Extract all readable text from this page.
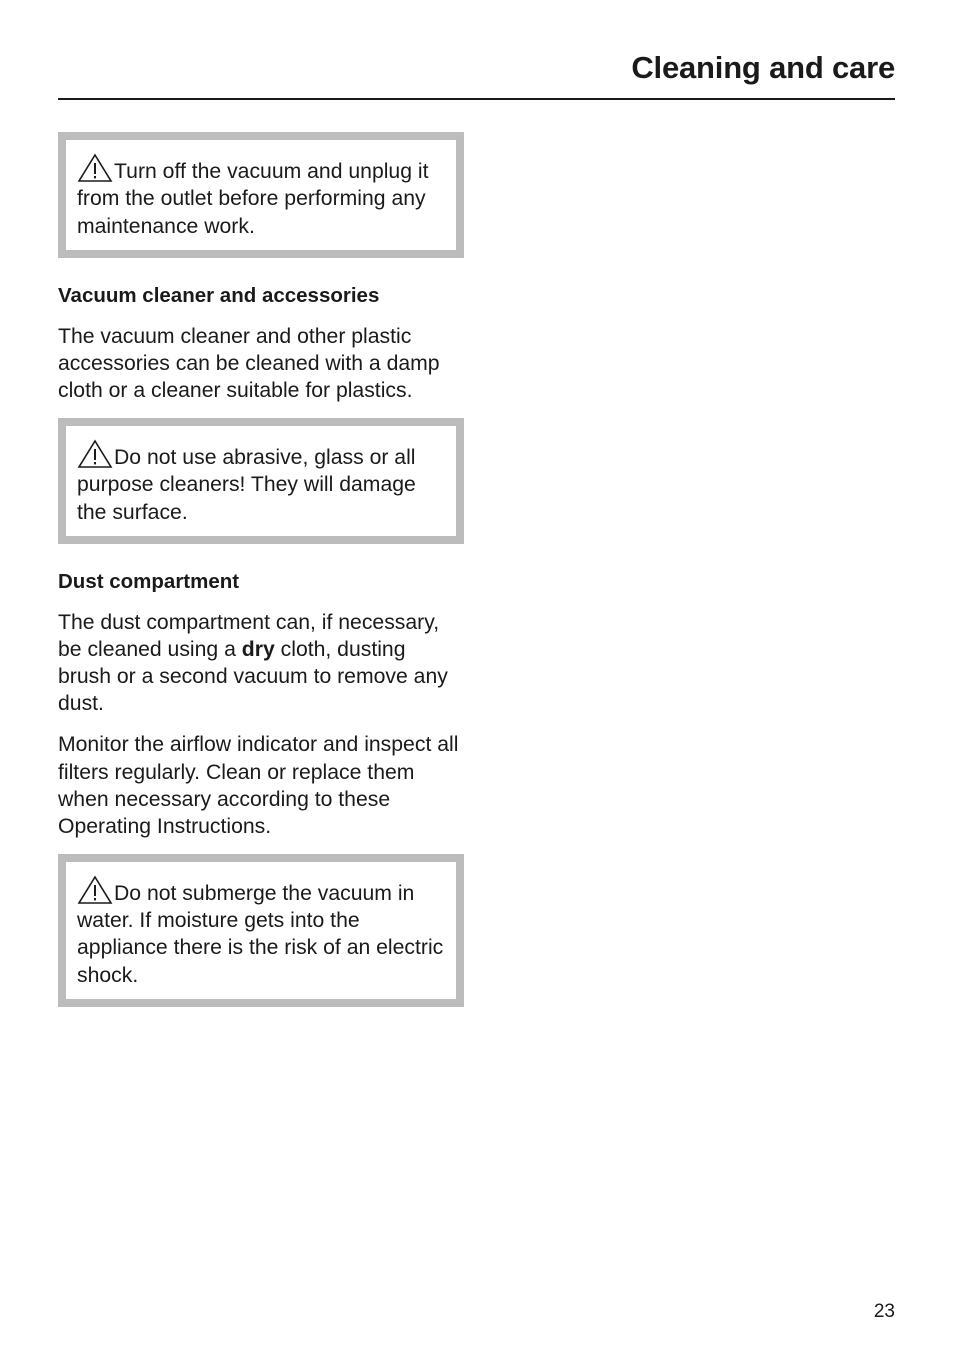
Cleaning and care
Turn off the vacuum and unplug it from the outlet before performing any maintenance work.
Vacuum cleaner and accessories

The vacuum cleaner and other plastic accessories can be cleaned with a damp cloth or a cleaner suitable for plastics.

Do not use abrasive, glass or all purpose cleaners! They will damage the surface.
Dust compartment

The dust compartment can, if necessary, be cleaned using a dry cloth, dusting brush or a second vacuum to remove any dust.

Monitor the airflow indicator and inspect all filters regularly. Clean or replace them when necessary according to these Operating Instructions.

Do not submerge the vacuum in water. If moisture gets into the appliance there is the risk of an electric shock.
23
